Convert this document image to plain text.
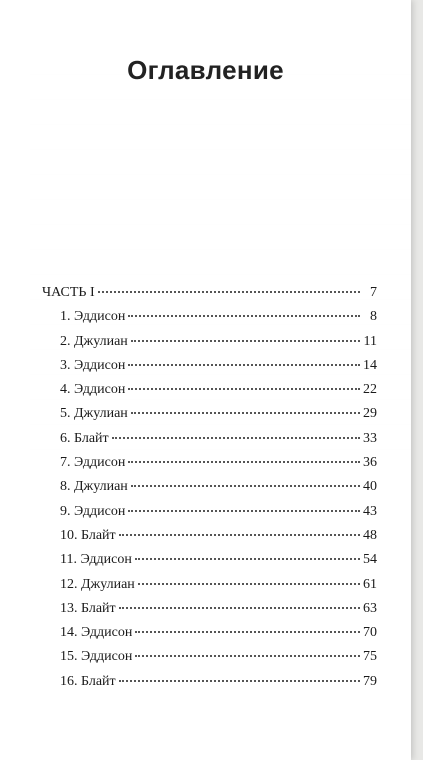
Оглавление
ЧАСТЬ I	7
1. Эддисон	8
2. Джулиан	11
3. Эддисон	14
4. Эддисон	22
5. Джулиан	29
6. Блайт	33
7. Эддисон	36
8. Джулиан	40
9. Эддисон	43
10. Блайт	48
11. Эддисон	54
12. Джулиан	61
13. Блайт	63
14. Эддисон	70
15. Эддисон	75
16. Блайт	79
